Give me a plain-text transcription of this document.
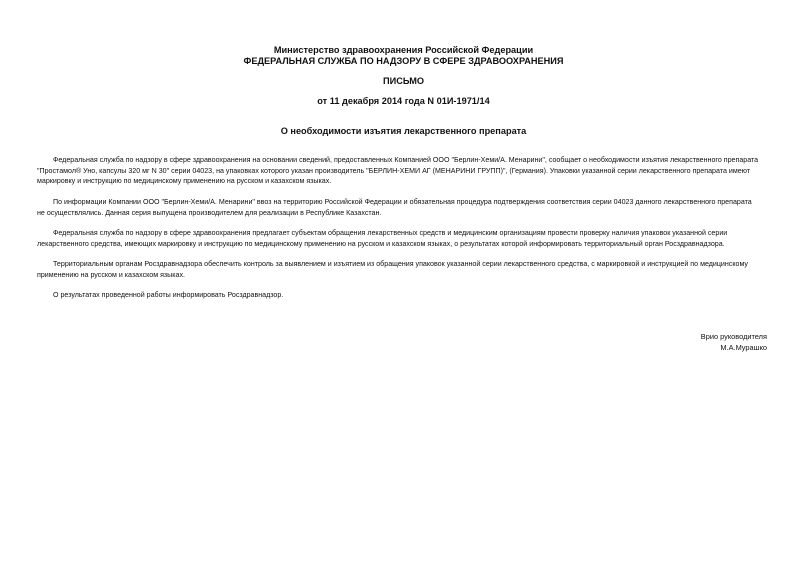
Министерство здравоохранения Российской Федерации
ФЕДЕРАЛЬНАЯ СЛУЖБА ПО НАДЗОРУ В СФЕРЕ ЗДРАВООХРАНЕНИЯ
ПИСЬМО
от 11 декабря 2014 года N 01И-1971/14
О необходимости изъятия лекарственного препарата
Федеральная служба по надзору в сфере здравоохранения на основании сведений, предоставленных Компанией ООО "Берлин-Хеми/А. Менарини", сообщает о необходимости изъятия лекарственного препарата
"Простамол® Уно, капсулы 320 мг N 30" серии 04023, на упаковках которого указан производитель "БЕРЛИН-ХЕМИ АГ (МЕНАРИНИ ГРУПП)", (Германия). Упаковки указанной серии лекарственного препарата имеют
маркировку и инструкцию по медицинскому применению на русском и казахском языках.
По информации Компании ООО "Берлин-Хеми/А. Менарини" ввоз на территорию Российской Федерации и обязательная процедура подтверждения соответствия серии 04023 данного лекарственного препарата
не осуществлялись. Данная серия выпущена производителем для реализации в Республике Казахстан.
Федеральная служба по надзору в сфере здравоохранения предлагает субъектам обращения лекарственных средств и медицинским организациям провести проверку наличия упаковок указанной серии
лекарственного средства, имеющих маркировку и инструкцию по медицинскому применению на русском и казахском языках, о результатах которой информировать территориальный орган Росздравнадзора.
Территориальным органам Росздравнадзора обеспечить контроль за выявлением и изъятием из обращения упаковок указанной серии лекарственного средства, с маркировкой и инструкцией по медицинскому
применению на русском и казахском языках.
О результатах проведенной работы информировать Росздравнадзор.
Врио руководителя
М.А.Мурашко
